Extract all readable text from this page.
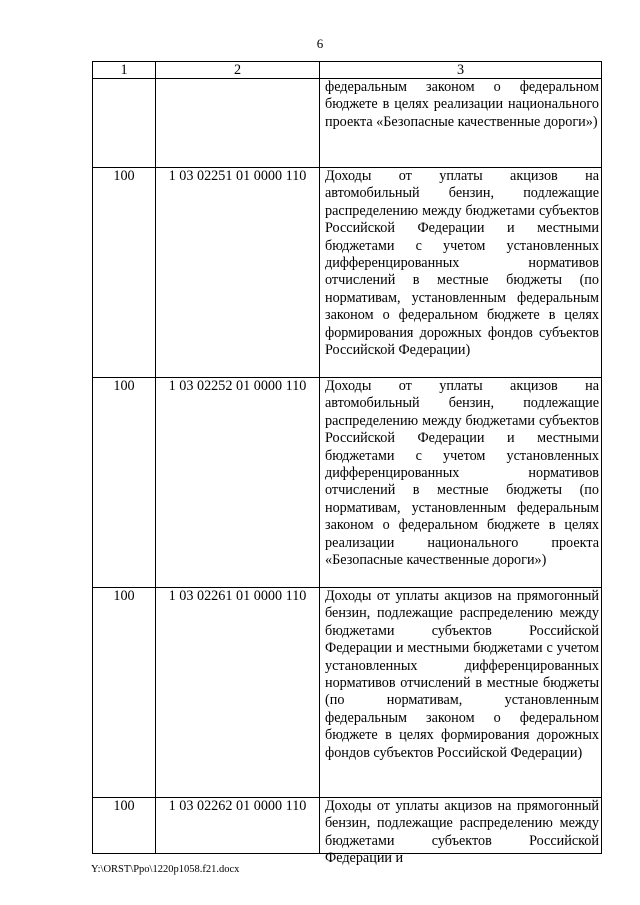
6
1	2	3
		федеральным законом о федеральном бюджете в целях реализации национального проекта «Безопасные качественные дороги»)
100	1 03 02251 01 0000 110	Доходы от уплаты акцизов на автомобильный бензин, подлежащие распределению между бюджетами субъектов Российской Федерации и местными бюджетами с учетом установленных дифференцированных нормативов отчислений в местные бюджеты (по нормативам, установленным федеральным законом о федеральном бюджете в целях формирования дорожных фондов субъектов Российской Федерации)
100	1 03 02252 01 0000 110	Доходы от уплаты акцизов на автомобильный бензин, подлежащие распределению между бюджетами субъектов Российской Федерации и местными бюджетами с учетом установленных дифференцированных нормативов отчислений в местные бюджеты (по нормативам, установленным федеральным законом о федеральном бюджете в целях реализации национального проекта «Безопасные качественные дороги»)
100	1 03 02261 01 0000 110	Доходы от уплаты акцизов на прямогонный бензин, подлежащие распределению между бюджетами субъектов Российской Федерации и местными бюджетами с учетом установленных дифференцированных нормативов отчислений в местные бюджеты (по нормативам, установленным федеральным законом о федеральном бюджете в целях формирования дорожных фондов субъектов Российской Федерации)
100	1 03 02262 01 0000 110	Доходы от уплаты акцизов на прямогонный бензин, подлежащие распределению между бюджетами субъектов Российской Федерации и
Y:\ORST\Ppo\1220p1058.f21.docx
